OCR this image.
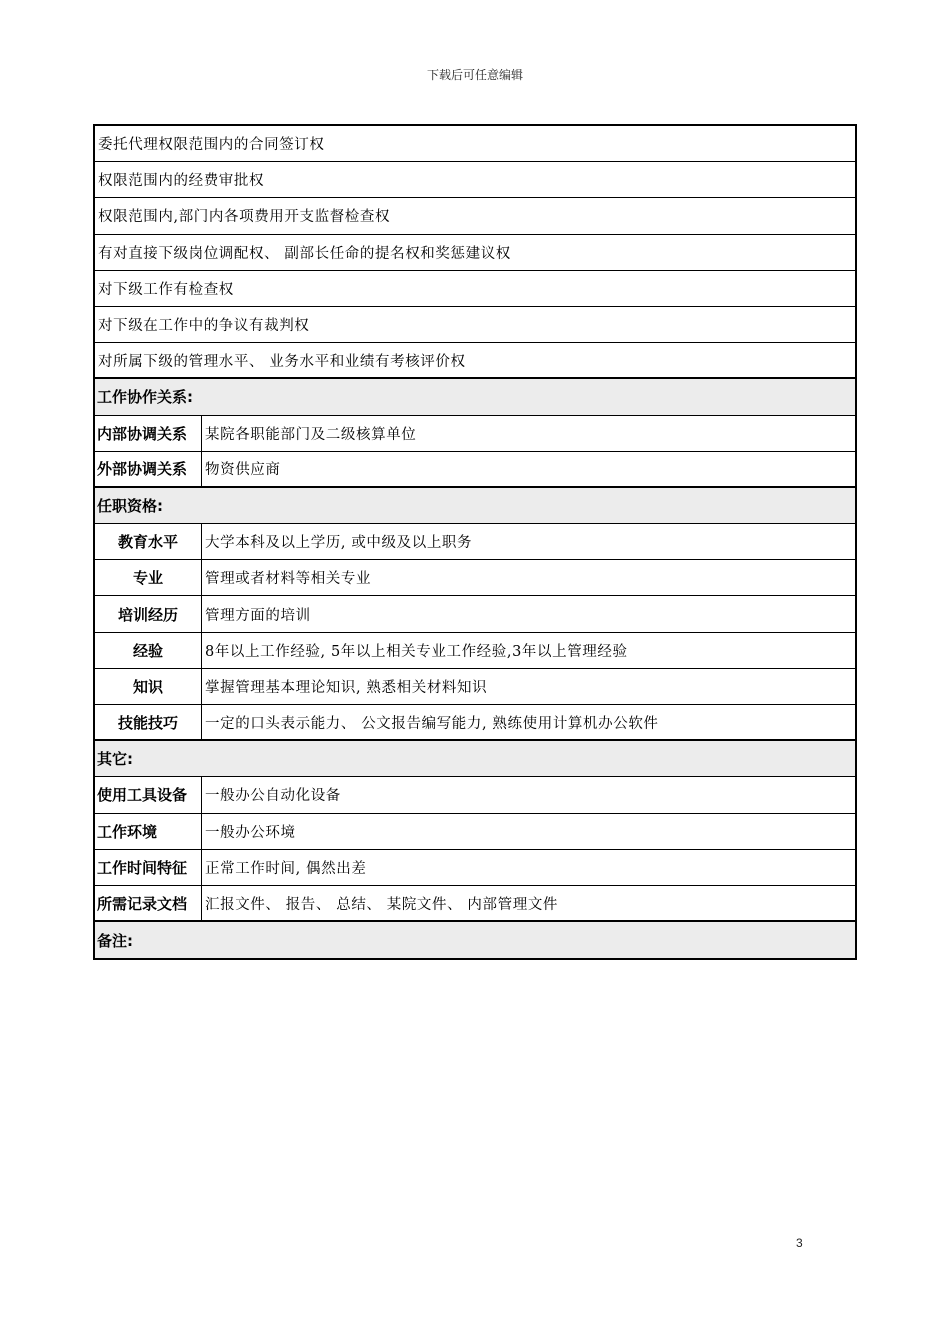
下载后可任意编辑
委托代理权限范围内的合同签订权
权限范围内的经费审批权
权限范围内,部门内各项费用开支监督检查权
有对直接下级岗位调配权、 副部长任命的提名权和奖惩建议权
对下级工作有检查权
对下级在工作中的争议有裁判权
对所属下级的管理水平、 业务水平和业绩有考核评价权
工作协作关系:
内部协调关系	某院各职能部门及二级核算单位
外部协调关系	物资供应商
任职资格:
教育水平	大学本科及以上学历, 或中级及以上职务
专业	管理或者材料等相关专业
培训经历	管理方面的培训
经验	8年以上工作经验, 5年以上相关专业工作经验,3年以上管理经验
知识	掌握管理基本理论知识, 熟悉相关材料知识
技能技巧	一定的口头表示能力、 公文报告编写能力, 熟练使用计算机办公软件
其它:
使用工具设备	一般办公自动化设备
工作环境	一般办公环境
工作时间特征	正常工作时间, 偶然出差
所需记录文档	汇报文件、 报告、 总结、 某院文件、 内部管理文件
备注:
3
